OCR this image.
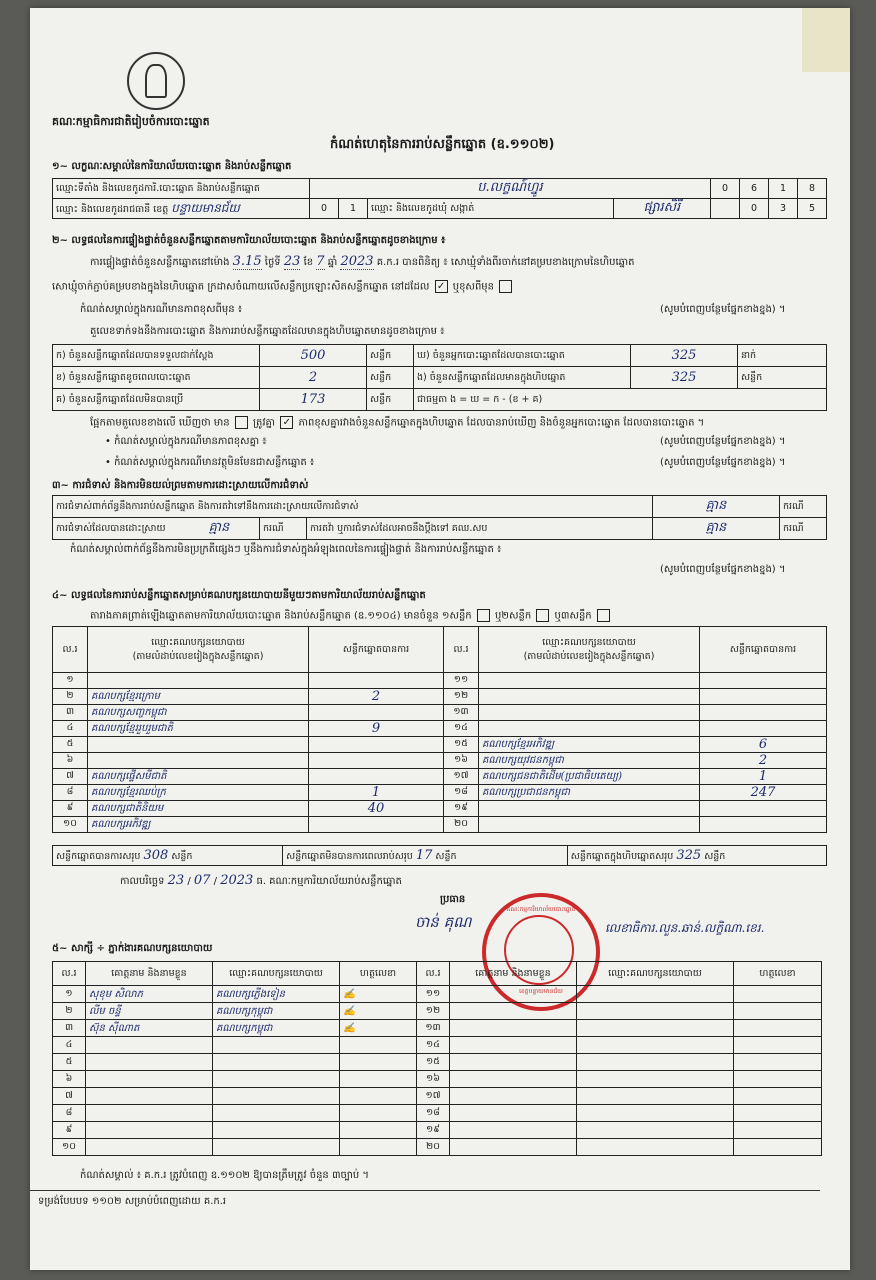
គណៈកម្មាធិការជាតិរៀបចំការបោះឆ្នោត
កំណត់ហេតុនៃការរាប់សន្លឹកឆ្នោត (ឧ.១១០២)
១~ លក្ខណៈសម្គាល់នៃការិយាល័យបោះឆ្នោត និងរាប់សន្លឹកឆ្នោត
ឈ្មោះទីតាំង និងលេខកូដការិ.បោះឆ្នោត និងរាប់សន្លឹកឆ្នោត	ប.លក្ខណ៍ហ្នូរ				0	6	1	8
ឈ្មោះ និងលេខកូដរាជធានី ខេត្ត បន្ទាយមានជ័យ	0	1	ឈ្មោះ និងលេខកូដឃុំ សង្កាត់	ផ្សារសិរី		0	3	5
២~ លទ្ធផលនៃការផ្ទៀងផ្ទាត់ចំនួនសន្លឹកឆ្នោតតាមការិយាល័យបោះឆ្នោត និងរាប់សន្លឹកឆ្នោតដូចខាងក្រោម ៖
ការផ្ទៀងផ្ទាត់ចំនួនសន្លឹកឆ្នោតនៅម៉ោង 3.15 ថ្ងៃទី 23 ខែ 7 ឆ្នាំ 2023 គ.ក.រ បានពិនិត្យ ៖ សោឃ្មុំទាំងពីរចាក់នៅគម្របខាងក្រោមនៃហិបឆ្នោត
សោឃ្មុំចាក់ភ្ជាប់គម្របខាងក្នុងនៃហិបឆ្នោត ក្រដាសចំណាយលើសន្លឹកប្រឡោះសិតសន្លឹកឆ្នោត នៅដដែល ✓ ឬខុសពីមុន
កំណត់សម្គាល់ក្នុងករណីមានភាពខុសពីមុន ៖	(សូមបំពេញបន្ថែមផ្នែកខាងខ្នង) ។
តួលេខទាក់ទងនឹងការបោះឆ្នោត និងការរាប់សន្លឹកឆ្នោតដែលមានក្នុងហិបឆ្នោតមានដូចខាងក្រោម ៖
ក) ចំនួនសន្លឹកឆ្នោតដែលបានទទួលជាក់ស្តែង	500	សន្លឹក	ឃ) ចំនួនអ្នកបោះឆ្នោតដែលបានបោះឆ្នោត	325	នាក់
ខ) ចំនួនសន្លឹកឆ្នោតខូចពេលបោះឆ្នោត	2	សន្លឹក	ង) ចំនួនសន្លឹកឆ្នោតដែលមានក្នុងហិបឆ្នោត	325	សន្លឹក
គ) ចំនួនសន្លឹកឆ្នោតដែលមិនបានប្រើ	173	សន្លឹក	ជាធម្មតា ង = ឃ = ក - (ខ + គ)		
ផ្អែកតាមតួលេខខាងលើ ឃើញថា មាន ត្រូវគ្នា ✓ ភាពខុសគ្នារវាងចំនួនសន្លឹកឆ្នោតក្នុងហិបឆ្នោត ដែលបានរាប់ឃើញ និងចំនួនអ្នកបោះឆ្នោត ដែលបានបោះឆ្នោត ។
• កំណត់សម្គាល់ក្នុងករណីមានភាពខុសគ្នា ៖	(សូមបំពេញបន្ថែមផ្នែកខាងខ្នង) ។
• កំណត់សម្គាល់ក្នុងករណីមានវត្ថុមិនមែនជាសន្លឹកឆ្នោត ៖	(សូមបំពេញបន្ថែមផ្នែកខាងខ្នង) ។
៣~ ការជំទាស់ និងការមិនយល់ព្រមតាមការដោះស្រាយលើការជំទាស់
ការជំទាស់ពាក់ព័ន្ធនឹងការរាប់សន្លឹកឆ្នោត និងការតវ៉ាទៅនឹងការដោះស្រាយលើការជំទាស់			គ្មាន	ករណី
ការជំទាស់ដែលបានដោះស្រាយ គ្មាន	ករណី	ការតវ៉ា ឬការជំទាស់ដែលអាចនឹងប្តឹងទៅ គឈ.សប	គ្មាន	ករណី
កំណត់សម្គាល់ពាក់ព័ន្ធនឹងការមិនប្រក្រតីផ្សេងៗ ឬនឹងការជំទាស់ក្នុងអំឡុងពេលនៃការផ្ទៀងផ្ទាត់ និងការរាប់សន្លឹកឆ្នោត ៖
(សូមបំពេញបន្ថែមផ្នែកខាងខ្នង) ។
៤~ លទ្ធផលនៃការរាប់សន្លឹកឆ្នោតសម្រាប់គណបក្សនយោបាយនីមួយៗតាមការិយាល័យរាប់សន្លឹកឆ្នោត
តារាងភាគព្រាត់ឡើងឆ្នោតតាមការិយាល័យបោះឆ្នោត និងរាប់សន្លឹកឆ្នោត (ឧ.១១០៤) មានចំនួន ១សន្លឹក ឬ២សន្លឹក ឬ៣សន្លឹក
ល.រ	ឈ្មោះគណបក្សនយោបាយ
(តាមលំដាប់លេខរៀងក្នុងសន្លឹកឆ្នោត)	សន្លឹកឆ្នោតបានការ	ល.រ	ឈ្មោះគណបក្សនយោបាយ
(តាមលំដាប់លេខរៀងក្នុងសន្លឹកឆ្នោត)	សន្លឹកឆ្នោតបានការ
១			១១		
២	គណបក្សខ្មែរក្រោម	2	១២		
៣	គណបក្សសញ្ចកម្ពុជា		១៣		
៤	គណបក្សខ្មែររួបរួមជាតិ	9	១៤		
៥			១៥	គណបក្សខ្មែរអភិវឌ្ឍ	6
៦			១៦	គណបក្សយុវជនកម្ពុជា	2
៧	គណបក្សផ្ទើសមីជាតិ		១៧	គណបក្សជនជាតិដើម(ប្រជាធិបតេយ្យ)	1
៨	គណបក្សខ្មែរឈប់ក្រ	1	១៨	គណបក្សប្រជាជនកម្ពុជា	247
៩	គណបក្សជាតិនិយម	40	១៩		
១០	គណបក្សអភិវឌ្ឍ		២០		
សន្លឹកឆ្នោតបានការសរុប 308 សន្លឹក	សន្លឹកឆ្នោតមិនបានការពេលរាប់សរុប 17 សន្លឹក	សន្លឹកឆ្នោតក្នុងហិបឆ្នោតសរុប 325 សន្លឹក
កាលបរិច្ឆេទ 23 / 07 / 2023 ធ. គណៈកម្មការិយាល័យរាប់សន្លឹកឆ្នោត
ប្រធាន
ចាន់ គុណ	លេខាធិការ.លួន.ឆាន់.លក្ខិណា.ខេរ.
គណៈកម្មការិយាល័យបោះឆ្នោត
ខេត្តបន្ទាយមានជ័យ
៥~ សាក្សី ÷ ភ្នាក់ងារគណបក្សនយោបាយ
ល.រ	គោត្តនាម និងនាមខ្លួន	ឈ្មោះគណបក្សនយោបាយ	ហត្ថលេខា	ល.រ	គោត្តនាម និងនាមខ្លួន	ឈ្មោះគណបក្សនយោបាយ	ហត្ថលេខា
១	សុខុម សិលាភ	គណបក្សភ្លើងទៀន	✍	១១			
២	លីម ចន្ទី	គណបក្សកុម្ពុជា	✍	១២			
៣	ស៊ុន ស៊ីណាត	គណបក្សកម្ពុជា	✍	១៣			
៤				១៤			
៥				១៥			
៦				១៦			
៧				១៧			
៨				១៨			
៩				១៩			
១០				២០			
កំណត់សម្គាល់ ៖ គ.ក.រ ត្រូវបំពេញ ឧ.១១០២ ឱ្យបានត្រឹមត្រូវ ចំនួន ៣ច្បាប់ ។
ទម្រង់បែបបទ ១១០២ សម្រាប់បំពេញដោយ គ.ក.រ
